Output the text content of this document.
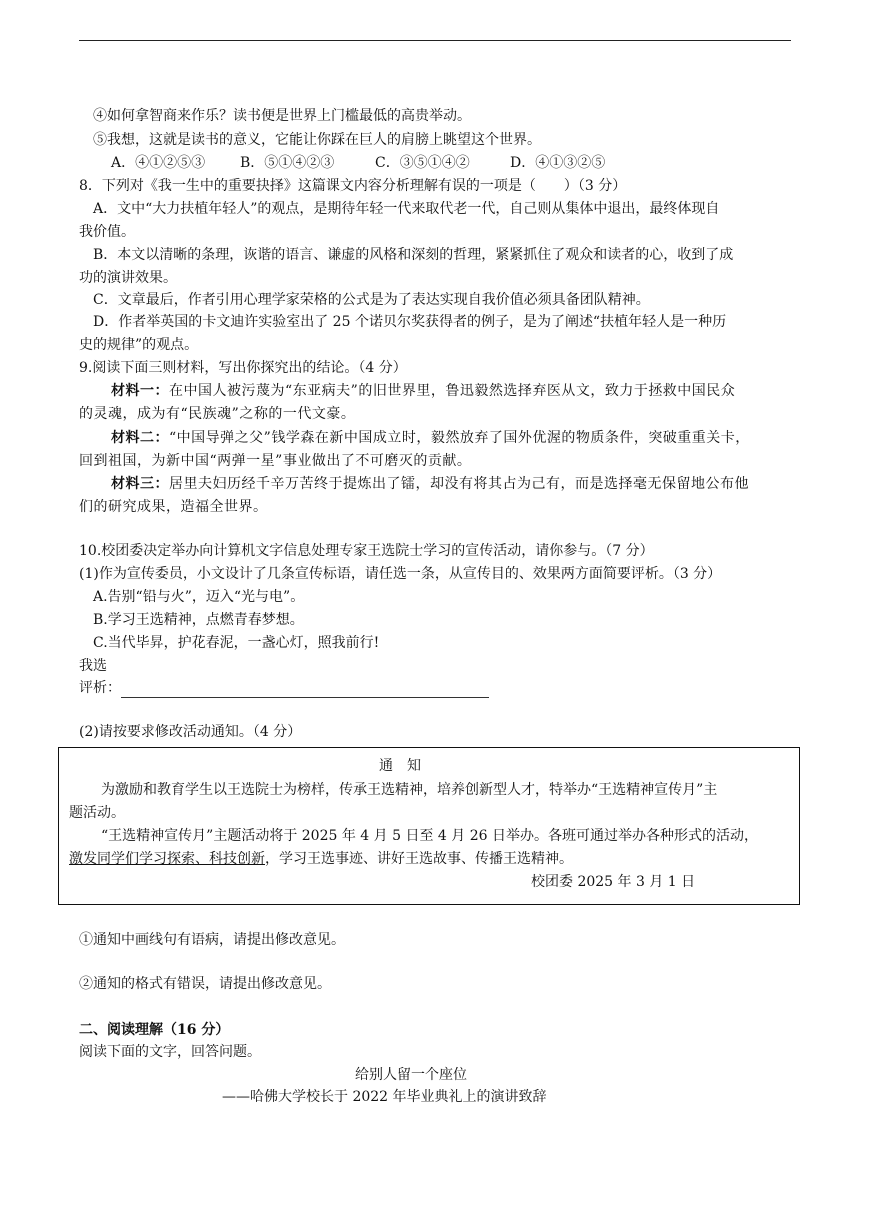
④如何拿智商来作乐？读书便是世界上门槛最低的高贵举动。
⑤我想，这就是读书的意义，它能让你踩在巨人的肩膀上眺望这个世界。
A．④①②⑤③ B．⑤①④②③	C．③⑤①④②	D．④①③②⑤
8．下列对《我一生中的重要抉择》这篇课文内容分析理解有误的一项是（　　）（3 分）
A．文中“大力扶植年轻人”的观点，是期待年轻一代来取代老一代，自己则从集体中退出，最终体现自
我价值。
B．本文以清晰的条理，诙谐的语言、谦虚的风格和深刻的哲理，紧紧抓住了观众和读者的心，收到了成
功的演讲效果。
C．文章最后，作者引用心理学家荣格的公式是为了表达实现自我价值必须具备团队精神。
D．作者举英国的卡文迪许实验室出了 25 个诺贝尔奖获得者的例子，是为了阐述“扶植年轻人是一种历
史的规律”的观点。
9.阅读下面三则材料，写出你探究出的结论。（4 分）
材料一：在中国人被污蔑为“东亚病夫”的旧世界里，鲁迅毅然选择弃医从文，致力于拯救中国民众
的灵魂，成为有“民族魂”之称的一代文豪。
材料二：“中国导弹之父”钱学森在新中国成立时，毅然放弃了国外优渥的物质条件，突破重重关卡，
回到祖国，为新中国“两弹一星”事业做出了不可磨灭的贡献。
材料三：居里夫妇历经千辛万苦终于提炼出了镭，却没有将其占为己有，而是选择毫无保留地公布他
们的研究成果，造福全世界。
10.校团委决定举办向计算机文字信息处理专家王选院士学习的宣传活动，请你参与。（7 分）
(1)作为宣传委员，小文设计了几条宣传标语，请任选一条，从宣传目的、效果两方面简要评析。（3 分）
A.告别“铅与火”，迈入“光与电”。
B.学习王选精神，点燃青春梦想。
C.当代毕昇，护花春泥，一盏心灯，照我前行!
我选
评析：
(2)请按要求修改活动通知。（4 分）
通　知
为激励和教育学生以王选院士为榜样，传承王选精神，培养创新型人才，特举办“王选精神宣传月”主
题活动。
“王选精神宣传月”主题活动将于 2025 年 4 月 5 日至 4 月 26 日举办。各班可通过举办各种形式的活动，
激发同学们学习探索、科技创新，学习王选事迹、讲好王选故事、传播王选精神。
校团委 2025 年 3 月 1 日
①通知中画线句有语病，请提出修改意见。
②通知的格式有错误，请提出修改意见。
二、阅读理解（16 分）
阅读下面的文字，回答问题。
给别人留一个座位
——哈佛大学校长于 2022 年毕业典礼上的演讲致辞
